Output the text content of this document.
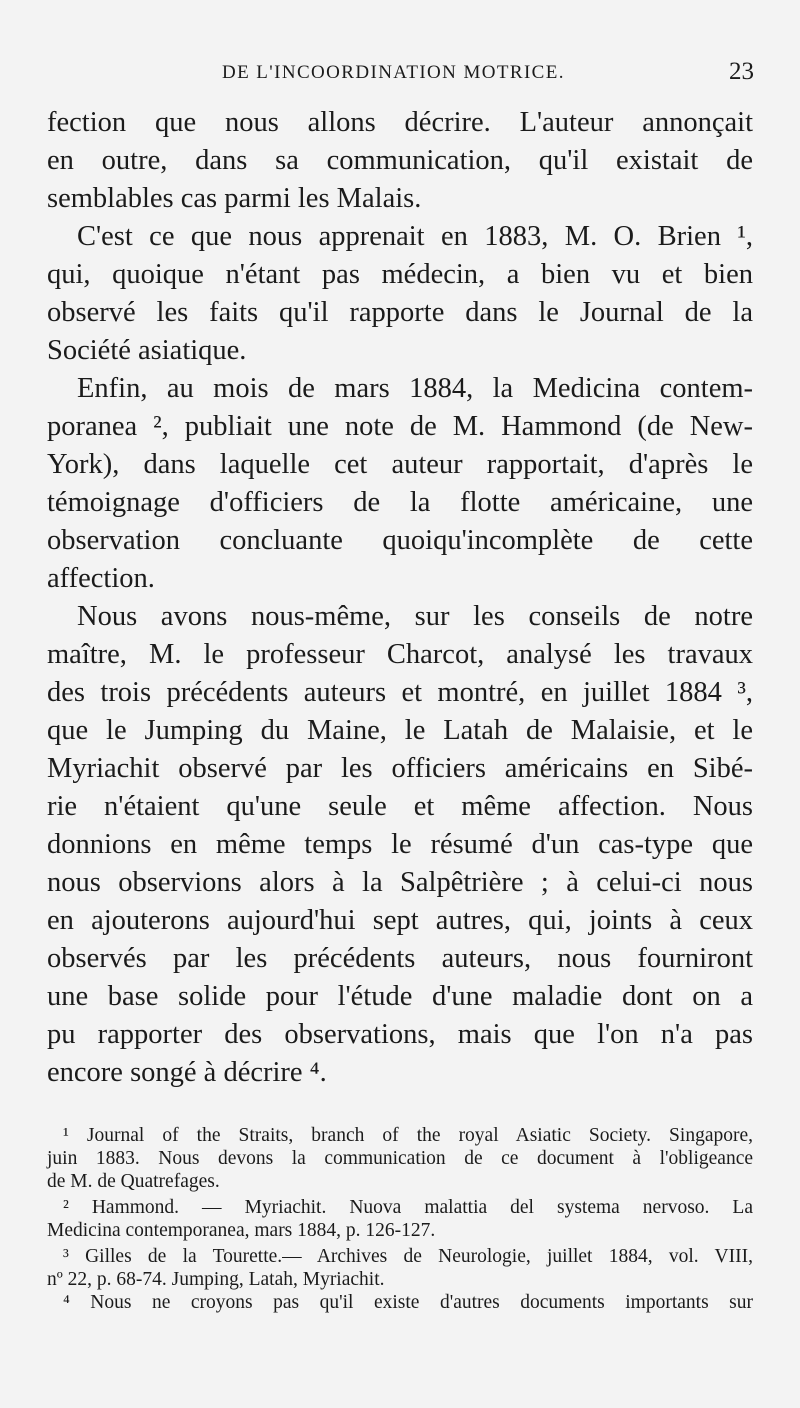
DE L'INCOORDINATION MOTRICE.	23
fection que nous allons décrire. L'auteur annonçait
en outre, dans sa communication, qu'il existait de
semblables cas parmi les Malais.
C'est ce que nous apprenait en 1883, M. O. Brien ¹,
qui, quoique n'étant pas médecin, a bien vu et bien
observé les faits qu'il rapporte dans le Journal de la
Société asiatique.
Enfin, au mois de mars 1884, la Medicina contem-
poranea ², publiait une note de M. Hammond (de New-
York), dans laquelle cet auteur rapportait, d'après le
témoignage d'officiers de la flotte américaine, une
observation concluante quoiqu'incomplète de cette
affection.
Nous avons nous-même, sur les conseils de notre
maître, M. le professeur Charcot, analysé les travaux
des trois précédents auteurs et montré, en juillet 1884 ³,
que le Jumping du Maine, le Latah de Malaisie, et le
Myriachit observé par les officiers américains en Sibé-
rie n'étaient qu'une seule et même affection. Nous
donnions en même temps le résumé d'un cas-type que
nous observions alors à la Salpêtrière ; à celui-ci nous
en ajouterons aujourd'hui sept autres, qui, joints à ceux
observés par les précédents auteurs, nous fourniront
une base solide pour l'étude d'une maladie dont on a
pu rapporter des observations, mais que l'on n'a pas
encore songé à décrire ⁴.
¹ Journal of the Straits, branch of the royal Asiatic Society. Singapore,
juin 1883. Nous devons la communication de ce document à l'obligeance
de M. de Quatrefages.
² Hammond. — Myriachit. Nuova malattia del systema nervoso. La
Medicina contemporanea, mars 1884, p. 126-127.
³ Gilles de la Tourette.— Archives de Neurologie, juillet 1884, vol. VIII,
nº 22, p. 68-74. Jumping, Latah, Myriachit.
⁴ Nous ne croyons pas qu'il existe d'autres documents importants sur
